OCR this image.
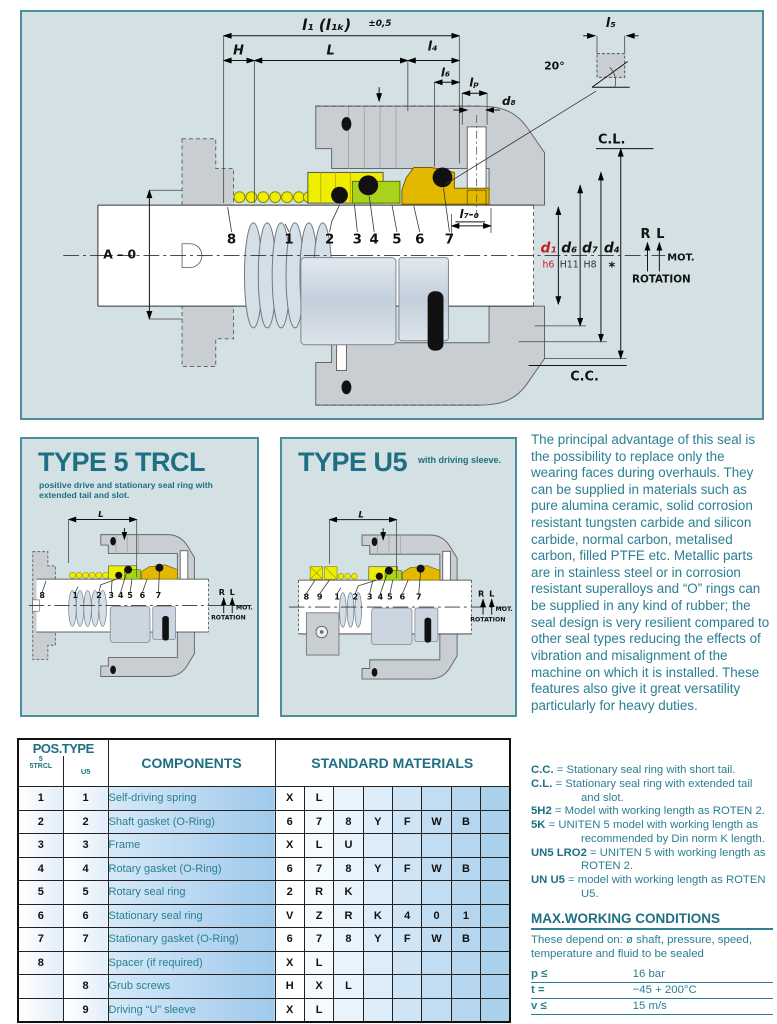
l₁ (l₁ₖ) ±0,5
H	L	l₄
l₆
lₚ
d₈
l₅
20°
C.L.
C.C.
A – 0
l₇-₀
d₁
h6
d₆
H11
d₇
H8
d₄
*
R L
MOT.
ROTATION
8	1 2 3 4 5 6 7
TYPE 5 TRCL
positive drive and stationary seal ring with extended tail and slot.
L
8	1 2 3 4 5 6 7	R L
MOT.
ROTATION
TYPE U5 with driving sleeve.
L
8 9 1 2 3 4 5 6 7	R L
MOT.
ROTATION
The principal advantage of this seal is the possibility to replace only the wearing faces during overhauls. They can be supplied in materials such as pure alumina ceramic, solid corrosion resistant tungsten carbide and silicon carbide, normal carbon, metalised carbon, filled PTFE etc. Metallic parts are in stainless steel or in corrosion resistant superalloys and “O” rings can be supplied in any kind of rubber; the seal design is very resilient compared to other seal types reducing the effects of vibration and misalignment of the machine on which it is installed. These features also give it great versatility particularly for heavy duties.
POS.TYPE
5
5TRCL U5		COMPONENTS	STANDARD MATERIALS							
1	1	Self-driving spring	X	L						
2	2	Shaft gasket (O-Ring)	6	7	8	Y	F	W	B	
3	3	Frame	X	L	U					
4	4	Rotary gasket (O-Ring)	6	7	8	Y	F	W	B	
5	5	Rotary seal ring	2	R	K					
6	6	Stationary seal ring	V	Z	R	K	4	0	1	
7	7	Stationary gasket (O-Ring)	6	7	8	Y	F	W	B	
8		Spacer (if required)	X	L						
	8	Grub screws	H	X	L					
	9	Driving “U” sleeve	X	L						
C.C. = Stationary seal ring with short tail.
C.L. = Stationary seal ring with extended tail and slot.
5H2 = Model with working length as ROTEN 2.
5K = UNITEN 5 model with working length as recommended by Din norm K length.
UN5 LRO2 = UNITEN 5 with working length as ROTEN 2.
UN U5 = model with working length as ROTEN U5.
MAX.WORKING CONDITIONS
These depend on: ø shaft, pressure, speed, temperature and fluid to be sealed
p ≤	16 bar
t =	−45 + 200°C
v ≤	15 m/s
